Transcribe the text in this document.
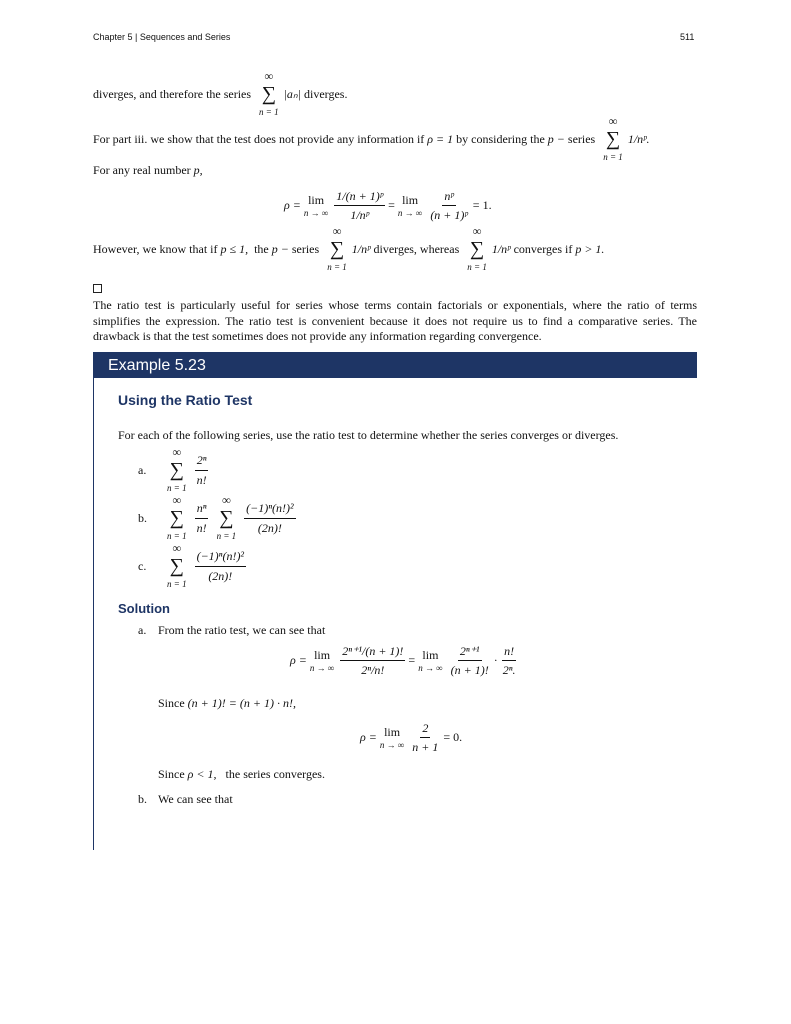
Chapter 5 | Sequences and Series	511
diverges, and therefore the series
∞
∑
n = 1
|aₙ| diverges.
For part iii. we show that the test does not provide any information if ρ = 1 by considering the p − series
∞
∑
n = 1
1/nᵖ.
For any real number p,
ρ = lim
n → ∞ $\frac{\text{1/(n + 1)ᵖ}}{\text{1/nᵖ}} = \lim$
n → ∞ $\frac{\text{nᵖ}}{\text{(n + 1)ᵖ}} = 1$.
However, we know that if p ≤ 1, the p − series
∞
∑
n = 1
1/nᵖ diverges, whereas
∞
∑
n = 1
1/nᵖ converges if p > 1.
The ratio test is particularly useful for series whose terms contain factorials or exponentials, where the ratio of terms simplifies the expression. The ratio test is convenient because it does not require us to find a comparative series. The drawback is that the test sometimes does not provide any information regarding convergence.
Example 5.23
Using the Ratio Test
For each of the following series, use the ratio test to determine whether the series converges or diverges.
a.
∞
∑
n = 1
$\frac{\text{2ⁿ}}{n!}$
b.
∞
∑
n = 1
$\frac{\text{nⁿ}}{n!}$
∞
∑
n = 1
$\frac{\text{(−1)ⁿ(n!)²}}{(2n)!}$
c.
∞
∑
n = 1
$\frac{\text{(−1)ⁿ(n!)²}}{(2n)!}$
Solution
a. From the ratio test, we can see that
ρ = lim
n → ∞ $\frac{\text{2ⁿ⁺¹/(n + 1)!}}{\text{2ⁿ/n!}} = \lim$
n → ∞ $\frac{\text{2ⁿ⁺¹}}{(n + 1)!} \cdot \frac{n!}{\text{2ⁿ.}}$
Since (n + 1)! = (n + 1) · n!,
ρ = lim
n → ∞ $\frac{2}{n + 1} = 0$.
Since ρ < 1, the series converges.
b. We can see that
